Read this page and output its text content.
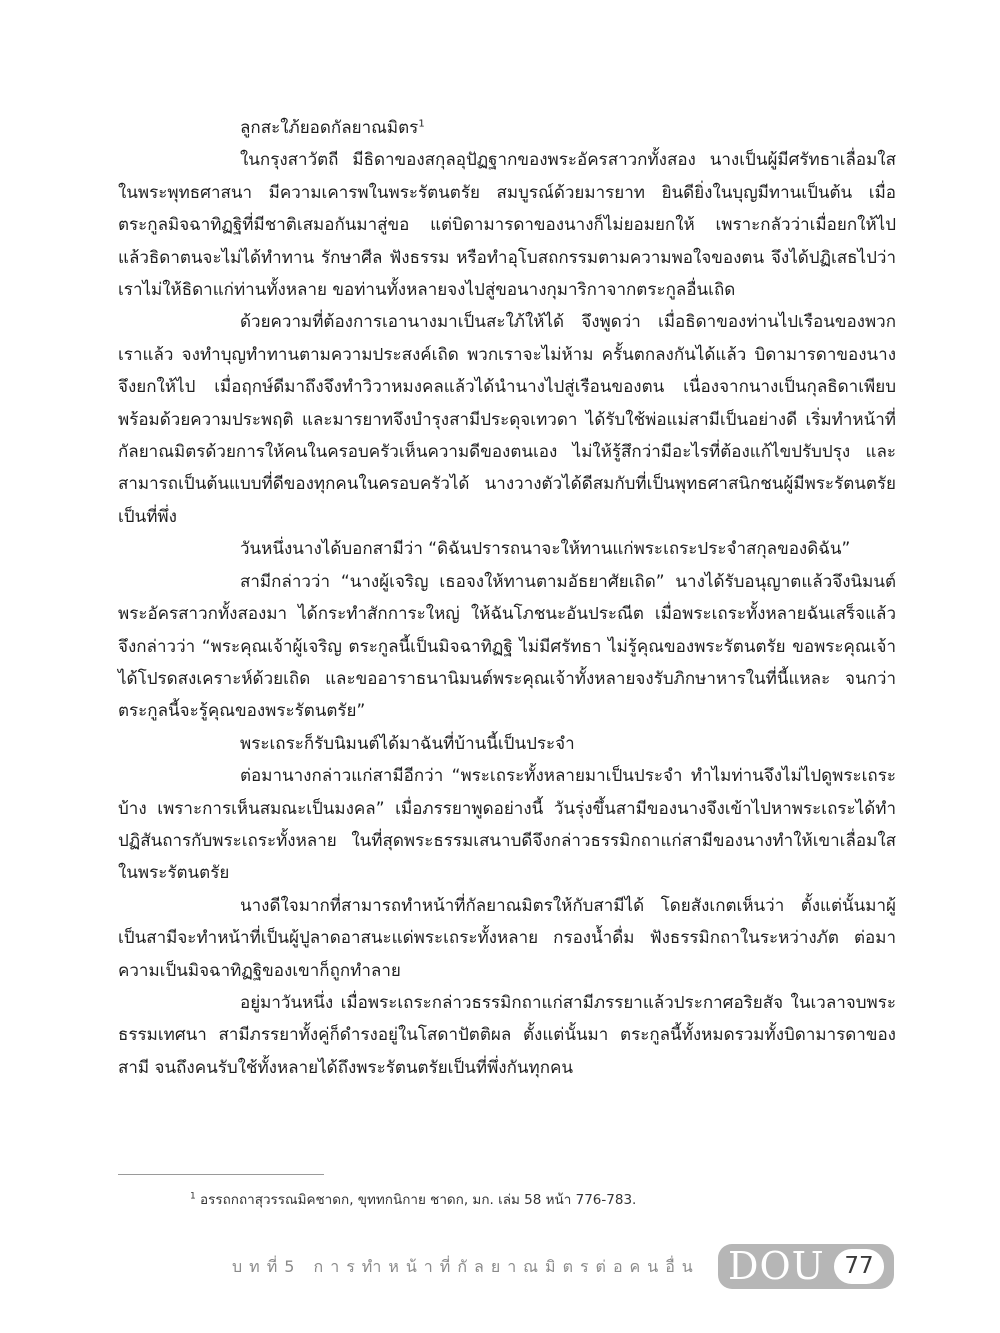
ลูกสะใภ้ยอดกัลยาณมิตร$^1$

ในกรุงสาวัตถี มีธิดาของสกุลอุปัฏฐากของพระอัครสาวกทั้งสอง นางเป็นผู้มีศรัทธาเลื่อมใสในพระพุทธศาสนา มีความเคารพในพระรัตนตรัย สมบูรณ์ด้วยมารยาท ยินดียิ่งในบุญมีทานเป็นต้น เมื่อตระกูลมิจฉาทิฏฐิที่มีชาติเสมอกันมาสู่ขอ แต่บิดามารดาของนางก็ไม่ยอมยกให้ เพราะกลัวว่าเมื่อยกให้ไปแล้วธิดาตนจะไม่ได้ทำทาน รักษาศีล ฟังธรรม หรือทำอุโบสถกรรมตามความพอใจของตน จึงได้ปฏิเสธไปว่าเราไม่ให้ธิดาแก่ท่านทั้งหลาย ขอท่านทั้งหลายจงไปสู่ขอนางกุมาริกาจากตระกูลอื่นเถิด

ด้วยความที่ต้องการเอานางมาเป็นสะใภ้ให้ได้ จึงพูดว่า เมื่อธิดาของท่านไปเรือนของพวกเราแล้ว จงทำบุญทำทานตามความประสงค์เถิด พวกเราจะไม่ห้าม ครั้นตกลงกันได้แล้ว บิดามารดาของนางจึงยกให้ไป เมื่อฤกษ์ดีมาถึงจึงทำวิวาหมงคลแล้วได้นำนางไปสู่เรือนของตน เนื่องจากนางเป็นกุลธิดาเพียบพร้อมด้วยความประพฤติ และมารยาทจึงบำรุงสามีประดุจเทวดา ได้รับใช้พ่อแม่สามีเป็นอย่างดี เริ่มทำหน้าที่กัลยาณมิตรด้วยการให้คนในครอบครัวเห็นความดีของตนเอง ไม่ให้รู้สึกว่ามีอะไรที่ต้องแก้ไขปรับปรุง และสามารถเป็นต้นแบบที่ดีของทุกคนในครอบครัวได้ นางวางตัวได้ดีสมกับที่เป็นพุทธศาสนิกชนผู้มีพระรัตนตรัยเป็นที่พึ่ง

วันหนึ่งนางได้บอกสามีว่า “ดิฉันปรารถนาจะให้ทานแก่พระเถระประจำสกุลของดิฉัน”

สามีกล่าวว่า “นางผู้เจริญ เธอจงให้ทานตามอัธยาศัยเถิด” นางได้รับอนุญาตแล้วจึงนิมนต์พระอัครสาวกทั้งสองมา ได้กระทำสักการะใหญ่ ให้ฉันโภชนะอันประณีต เมื่อพระเถระทั้งหลายฉันเสร็จแล้วจึงกล่าวว่า “พระคุณเจ้าผู้เจริญ ตระกูลนี้เป็นมิจฉาทิฏฐิ ไม่มีศรัทธา ไม่รู้คุณของพระรัตนตรัย ขอพระคุณเจ้าได้โปรดสงเคราะห์ด้วยเถิด และขออาราธนานิมนต์พระคุณเจ้าทั้งหลายจงรับภิกษาหารในที่นี้แหละ จนกว่าตระกูลนี้จะรู้คุณของพระรัตนตรัย”

พระเถระก็รับนิมนต์ได้มาฉันที่บ้านนี้เป็นประจำ

ต่อมานางกล่าวแก่สามีอีกว่า “พระเถระทั้งหลายมาเป็นประจำ ทำไมท่านจึงไม่ไปดูพระเถระบ้าง เพราะการเห็นสมณะเป็นมงคล” เมื่อภรรยาพูดอย่างนี้ วันรุ่งขึ้นสามีของนางจึงเข้าไปหาพระเถระได้ทำปฏิสันถารกับพระเถระทั้งหลาย ในที่สุดพระธรรมเสนาบดีจึงกล่าวธรรมิกถาแก่สามีของนางทำให้เขาเลื่อมใสในพระรัตนตรัย

นางดีใจมากที่สามารถทำหน้าที่กัลยาณมิตรให้กับสามีได้ โดยสังเกตเห็นว่า ตั้งแต่นั้นมาผู้เป็นสามีจะทำหน้าที่เป็นผู้ปูลาดอาสนะแด่พระเถระทั้งหลาย กรองน้ำดื่ม ฟังธรรมิกถาในระหว่างภัต ต่อมาความเป็นมิจฉาทิฏฐิของเขาก็ถูกทำลาย

อยู่มาวันหนึ่ง เมื่อพระเถระกล่าวธรรมิกถาแก่สามีภรรยาแล้วประกาศอริยสัจ ในเวลาจบพระธรรมเทศนา สามีภรรยาทั้งคู่ก็ดำรงอยู่ในโสดาปัตติผล ตั้งแต่นั้นมา ตระกูลนี้ทั้งหมดรวมทั้งบิดามารดาของสามี จนถึงคนรับใช้ทั้งหลายได้ถึงพระรัตนตรัยเป็นที่พึ่งกันทุกคน

$^1$ อรรถกถาสุวรรณมิคชาดก, ขุททกนิกาย ชาดก, มก. เล่ม 58 หน้า 776-783.
บทที่5 การทำหน้าที่กัลยาณมิตรต่อคนอื่น DOU 77
